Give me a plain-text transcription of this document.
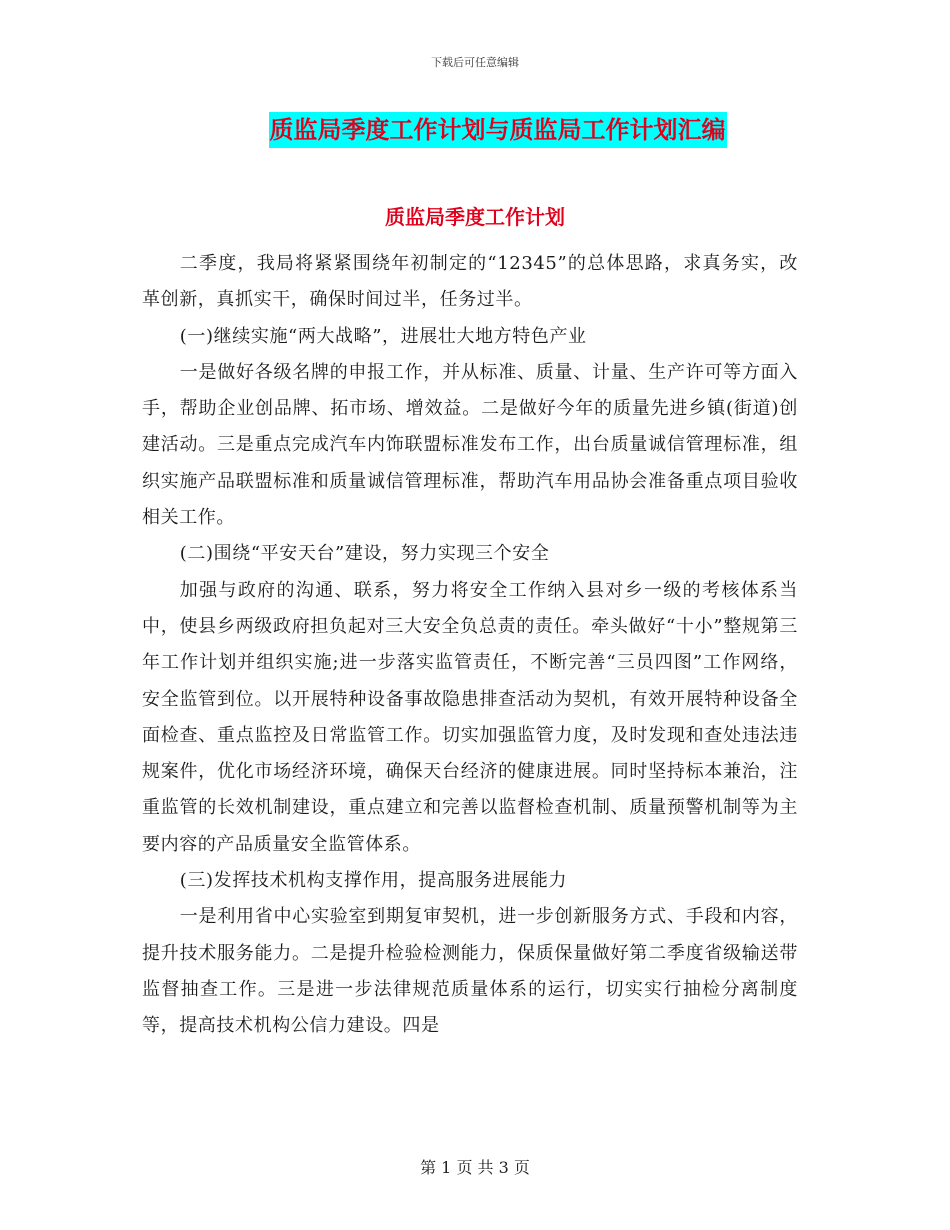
下载后可任意编辑
质监局季度工作计划与质监局工作计划汇编
质监局季度工作计划

二季度，我局将紧紧围绕年初制定的“12345”的总体思路，求真务实，改革创新，真抓实干，确保时间过半，任务过半。

(一)继续实施“两大战略”，进展壮大地方特色产业

一是做好各级名牌的申报工作，并从标准、质量、计量、生产许可等方面入手，帮助企业创品牌、拓市场、增效益。二是做好今年的质量先进乡镇(街道)创建活动。三是重点完成汽车内饰联盟标准发布工作，出台质量诚信管理标准，组织实施产品联盟标准和质量诚信管理标准，帮助汽车用品协会准备重点项目验收相关工作。

(二)围绕“平安天台”建设，努力实现三个安全

加强与政府的沟通、联系，努力将安全工作纳入县对乡一级的考核体系当中，使县乡两级政府担负起对三大安全负总责的责任。牵头做好“十小”整规第三年工作计划并组织实施;进一步落实监管责任，不断完善“三员四图”工作网络，安全监管到位。以开展特种设备事故隐患排查活动为契机，有效开展特种设备全面检查、重点监控及日常监管工作。切实加强监管力度，及时发现和查处违法违规案件，优化市场经济环境，确保天台经济的健康进展。同时坚持标本兼治，注重监管的长效机制建设，重点建立和完善以监督检查机制、质量预警机制等为主要内容的产品质量安全监管体系。

(三)发挥技术机构支撑作用，提高服务进展能力

一是利用省中心实验室到期复审契机，进一步创新服务方式、手段和内容，提升技术服务能力。二是提升检验检测能力，保质保量做好第二季度省级输送带监督抽查工作。三是进一步法律规范质量体系的运行，切实实行抽检分离制度等，提高技术机构公信力建设。四是

第 1 页 共 3 页
